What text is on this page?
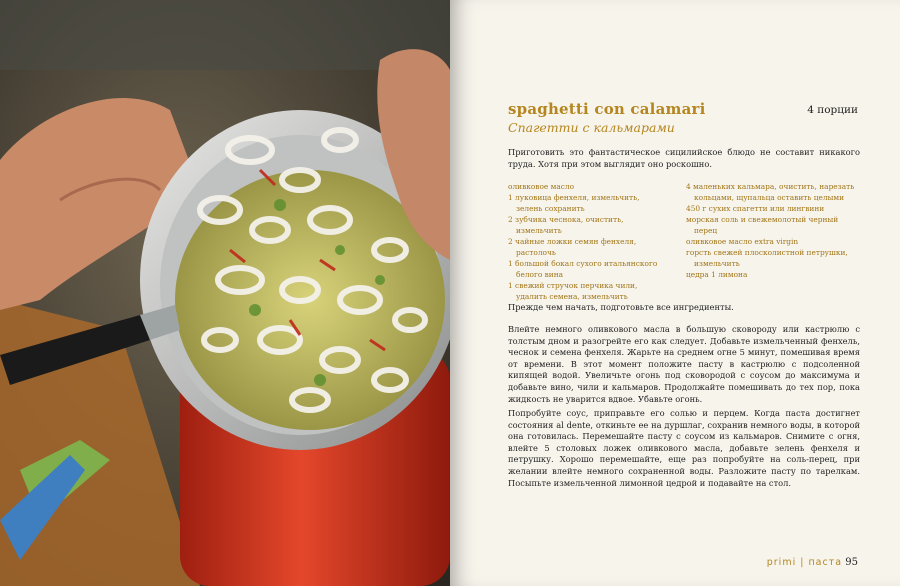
spaghetti con calamari	4 порции
Спагетти с кальмарами
Приготовить это фантастическое сицилийское блюдо не составит никакого труда. Хотя при этом выглядит оно роскошно.
оливковое масло
1 луковица фенхеля, измельчить,
зелень сохранить
2 зубчика чеснока, очистить,
измельчить
2 чайные ложки семян фенхеля,
растолочь
1 большой бокал сухого итальянского
белого вина
1 свежий стручок перчика чили,
удалить семена, измельчить
4 маленьких кальмара, очистить, нарезать
кольцами, щупальца оставить целыми
450 г сухих спагетти или лингвини
морская соль и свежемолотый черный
перец
оливковое масло extra virgin
горсть свежей плосколистной петрушки,
измельчить
цедра 1 лимона
Прежде чем начать, подготовьте все ингредиенты.
Влейте немного оливкового масла в большую сковороду или кастрюлю с толстым дном и разогрейте его как следует. Добавьте измельченный фенхель, чеснок и семена фенхеля. Жарьте на среднем огне 5 минут, помешивая время от времени. В этот момент положите пасту в кастрюлю с подсоленной кипящей водой. Увеличьте огонь под сковородой с соусом до максимума и добавьте вино, чили и кальмаров. Продолжайте помешивать до тех пор, пока жидкость не уварится вдвое. Убавьте огонь.
Попробуйте соус, приправьте его солью и перцем. Когда паста достигнет состояния al dente, откиньте ее на дуршлаг, сохранив немного воды, в которой она готовилась. Перемешайте пасту с соусом из кальмаров. Снимите с огня, влейте 5 столовых ложек оливкового масла, добавьте зелень фенхеля и петрушку. Хорошо перемешайте, еще раз попробуйте на соль-перец, при желании влейте немного сохраненной воды. Разложите пасту по тарелкам. Посыпьте измельченной лимонной цедрой и подавайте на стол.
primi | паста 95
